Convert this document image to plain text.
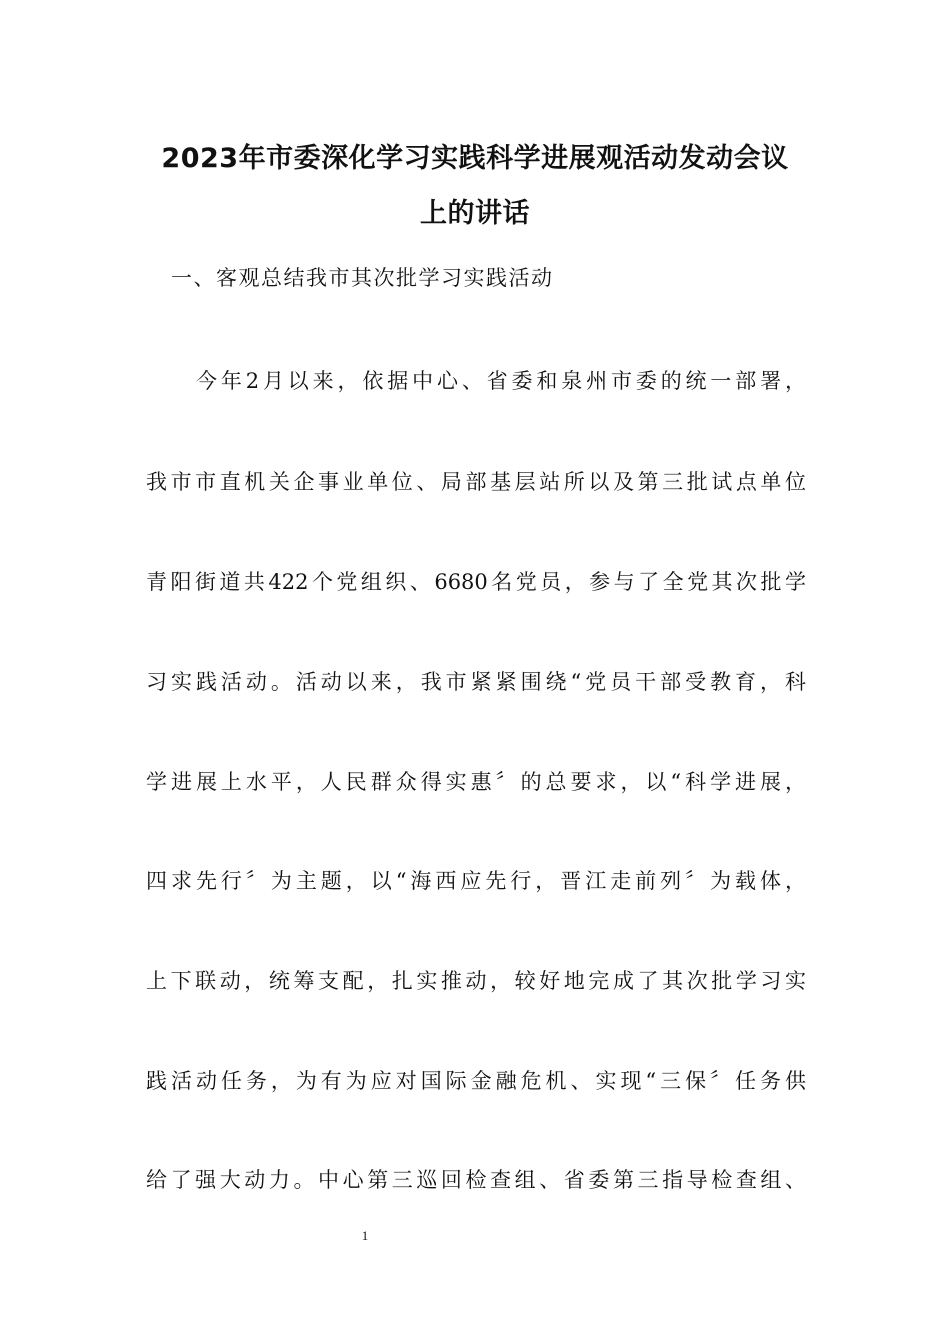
2023年市委深化学习实践科学进展观活动发动会议
上的讲话
一、客观总结我市其次批学习实践活动
今年2月以来，依据中心、省委和泉州市委的统一部署，
我市市直机关企事业单位、局部基层站所以及第三批试点单位
青阳街道共422个党组织、6680名党员，参与了全党其次批学
习实践活动。活动以来，我市紧紧围绕“党员干部受教育，科
学进展上水平，人民群众得实惠〞的总要求，以“科学进展，
四求先行〞为主题，以“海西应先行，晋江走前列〞为载体，
上下联动，统筹支配，扎实推动，较好地完成了其次批学习实
践活动任务，为有为应对国际金融危机、实现“三保〞任务供
给了强大动力。中心第三巡回检查组、省委第三指导检查组、
1
